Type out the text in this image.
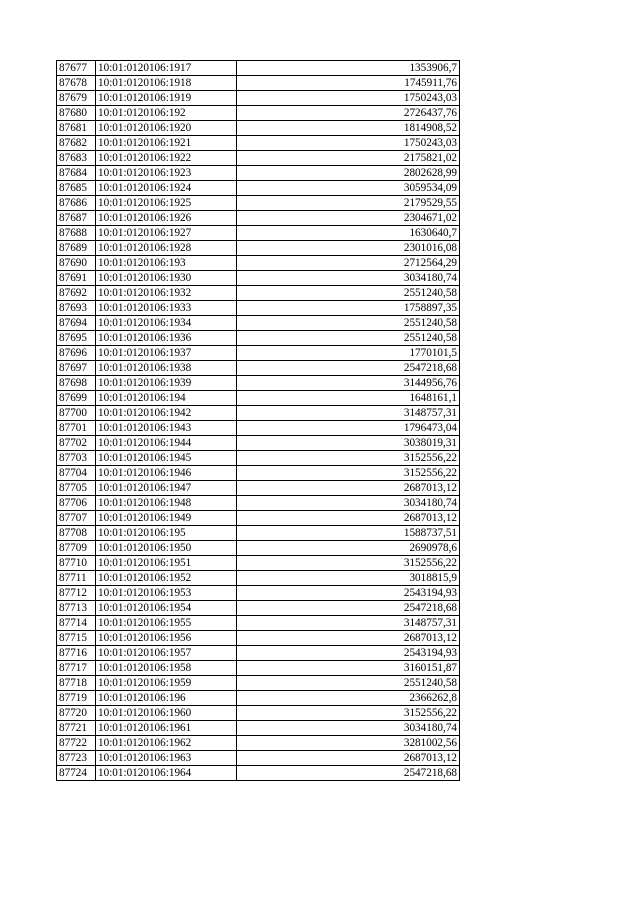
87677	10:01:0120106:1917	1353906,7
87678	10:01:0120106:1918	1745911,76
87679	10:01:0120106:1919	1750243,03
87680	10:01:0120106:192	2726437,76
87681	10:01:0120106:1920	1814908,52
87682	10:01:0120106:1921	1750243,03
87683	10:01:0120106:1922	2175821,02
87684	10:01:0120106:1923	2802628,99
87685	10:01:0120106:1924	3059534,09
87686	10:01:0120106:1925	2179529,55
87687	10:01:0120106:1926	2304671,02
87688	10:01:0120106:1927	1630640,7
87689	10:01:0120106:1928	2301016,08
87690	10:01:0120106:193	2712564,29
87691	10:01:0120106:1930	3034180,74
87692	10:01:0120106:1932	2551240,58
87693	10:01:0120106:1933	1758897,35
87694	10:01:0120106:1934	2551240,58
87695	10:01:0120106:1936	2551240,58
87696	10:01:0120106:1937	1770101,5
87697	10:01:0120106:1938	2547218,68
87698	10:01:0120106:1939	3144956,76
87699	10:01:0120106:194	1648161,1
87700	10:01:0120106:1942	3148757,31
87701	10:01:0120106:1943	1796473,04
87702	10:01:0120106:1944	3038019,31
87703	10:01:0120106:1945	3152556,22
87704	10:01:0120106:1946	3152556,22
87705	10:01:0120106:1947	2687013,12
87706	10:01:0120106:1948	3034180,74
87707	10:01:0120106:1949	2687013,12
87708	10:01:0120106:195	1588737,51
87709	10:01:0120106:1950	2690978,6
87710	10:01:0120106:1951	3152556,22
87711	10:01:0120106:1952	3018815,9
87712	10:01:0120106:1953	2543194,93
87713	10:01:0120106:1954	2547218,68
87714	10:01:0120106:1955	3148757,31
87715	10:01:0120106:1956	2687013,12
87716	10:01:0120106:1957	2543194,93
87717	10:01:0120106:1958	3160151,87
87718	10:01:0120106:1959	2551240,58
87719	10:01:0120106:196	2366262,8
87720	10:01:0120106:1960	3152556,22
87721	10:01:0120106:1961	3034180,74
87722	10:01:0120106:1962	3281002,56
87723	10:01:0120106:1963	2687013,12
87724	10:01:0120106:1964	2547218,68
